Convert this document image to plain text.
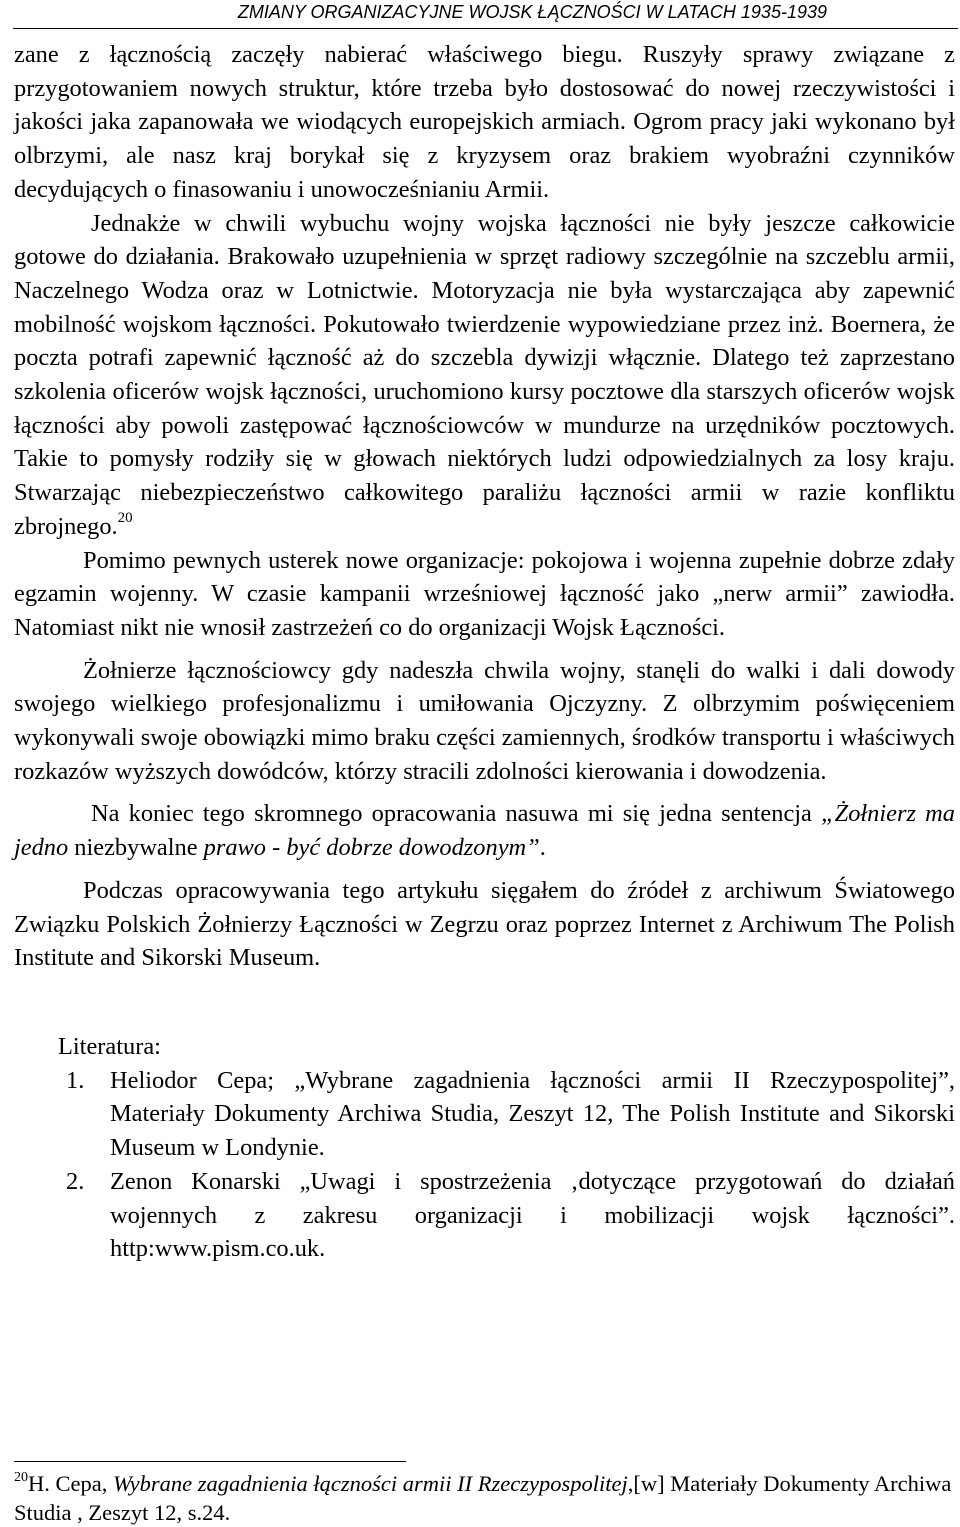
ZMIANY ORGANIZACYJNE WOJSK ŁĄCZNOŚCI W LATACH 1935-1939

zane z łącznością zaczęły nabierać właściwego biegu. Ruszyły sprawy związane z przygotowaniem nowych struktur, które trzeba było dostosować do nowej rzeczywistości i jakości jaka zapanowała we wiodących europejskich armiach. Ogrom pracy jaki wykonano był olbrzymi, ale nasz kraj borykał się z kryzysem oraz brakiem wyobraźni czynników decydujących o finasowaniu i unowocześnianiu Armii.

Jednakże w chwili wybuchu wojny wojska łączności nie były jeszcze całkowicie gotowe do działania. Brakowało uzupełnienia w sprzęt radiowy szczególnie na szczeblu armii, Naczelnego Wodza oraz w Lotnictwie. Motoryzacja nie była wystarczająca aby zapewnić mobilność wojskom łączności. Pokutowało twierdzenie wypowiedziane przez inż. Boernera, że poczta potrafi zapewnić łączność aż do szczebla dywizji włącznie. Dlatego też zaprzestano szkolenia oficerów wojsk łączności, uruchomiono kursy pocztowe dla starszych oficerów wojsk łączności aby powoli zastępować łącznościowców w mundurze na urzędników pocztowych. Takie to pomysły rodziły się w głowach niektórych ludzi odpowiedzialnych za losy kraju. Stwarzając niebezpieczeństwo całkowitego paraliżu łączności armii w razie konfliktu zbrojnego.$^{20}$

Pomimo pewnych usterek nowe organizacje: pokojowa i wojenna zupełnie dobrze zdały egzamin wojenny. W czasie kampanii wrześniowej łączność jako „nerw armii” zawiodła. Natomiast nikt nie wnosił zastrzeżeń co do organizacji Wojsk Łączności.

Żołnierze łącznościowcy gdy nadeszła chwila wojny, stanęli do walki i dali dowody swojego wielkiego profesjonalizmu i umiłowania Ojczyzny. Z olbrzymim poświęceniem wykonywali swoje obowiązki mimo braku części zamiennych, środków transportu i właściwych rozkazów wyższych dowódców, którzy stracili zdolności kierowania i dowodzenia.

Na koniec tego skromnego opracowania nasuwa mi się jedna sentencja „Żołnierz ma jedno niezbywalne prawo - być dobrze dowodzonym”.

Podczas opracowywania tego artykułu sięgałem do źródeł z archiwum Światowego Związku Polskich Żołnierzy Łączności w Zegrzu oraz poprzez Internet z Archiwum The Polish Institute and Sikorski Museum.

Literatura:

1. Heliodor Cepa; „Wybrane zagadnienia łączności armii II Rzeczypospolitej”, Materiały Dokumenty Archiwa Studia, Zeszyt 12, The Polish Institute and Sikorski Museum w Londynie.
2. Zenon Konarski „Uwagi i spostrzeżenia ‚dotyczące przygotowań do działań wojennych z zakresu organizacji i mobilizacji wojsk łączności”. http:www.pism.co.uk.

$^{20}$H. Cepa, Wybrane zagadnienia łączności armii II Rzeczypospolitej,[w] Materiały Dokumenty Archiwa Studia , Zeszyt 12, s.24.
